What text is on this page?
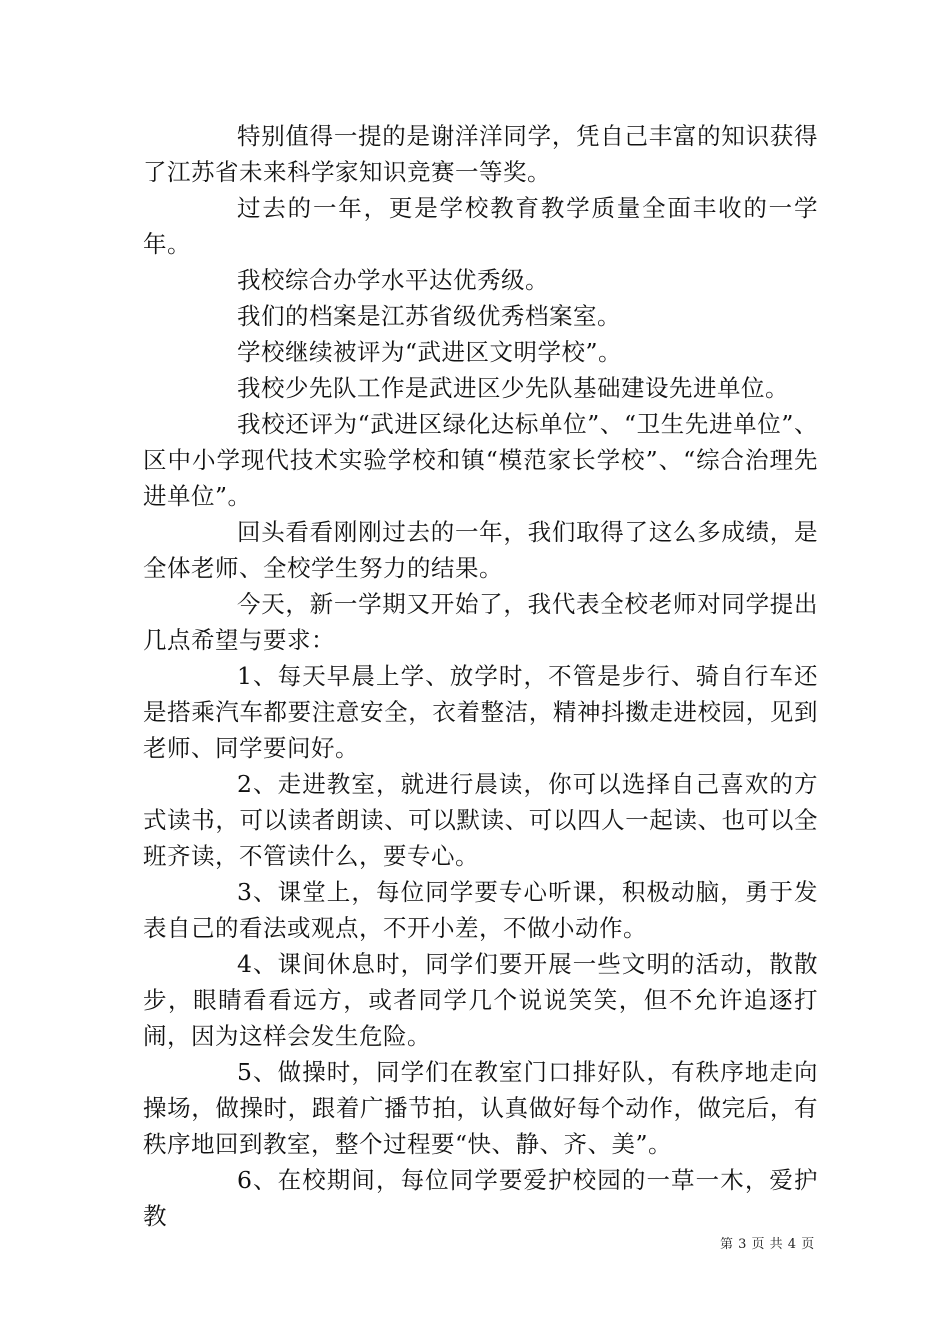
特别值得一提的是谢洋洋同学，凭自己丰富的知识获得了江苏省未来科学家知识竞赛一等奖。

过去的一年，更是学校教育教学质量全面丰收的一学年。

我校综合办学水平达优秀级。

我们的档案是江苏省级优秀档案室。

学校继续被评为“武进区文明学校”。

我校少先队工作是武进区少先队基础建设先进单位。

我校还评为“武进区绿化达标单位”、“卫生先进单位”、区中小学现代技术实验学校和镇“模范家长学校”、“综合治理先进单位”。

回头看看刚刚过去的一年，我们取得了这么多成绩，是全体老师、全校学生努力的结果。

今天，新一学期又开始了，我代表全校老师对同学提出几点希望与要求：

1、每天早晨上学、放学时，不管是步行、骑自行车还是搭乘汽车都要注意安全，衣着整洁，精神抖擞走进校园，见到老师、同学要问好。

2、走进教室，就进行晨读，你可以选择自己喜欢的方式读书，可以读者朗读、可以默读、可以四人一起读、也可以全班齐读，不管读什么，要专心。

3、课堂上，每位同学要专心听课，积极动脑，勇于发表自己的看法或观点，不开小差，不做小动作。

4、课间休息时，同学们要开展一些文明的活动，散散步，眼睛看看远方，或者同学几个说说笑笑，但不允许追逐打闹，因为这样会发生危险。

5、做操时，同学们在教室门口排好队，有秩序地走向操场，做操时，跟着广播节拍，认真做好每个动作，做完后，有秩序地回到教室，整个过程要“快、静、齐、美”。

6、在校期间，每位同学要爱护校园的一草一木，爱护教

第 3 页 共 4 页
